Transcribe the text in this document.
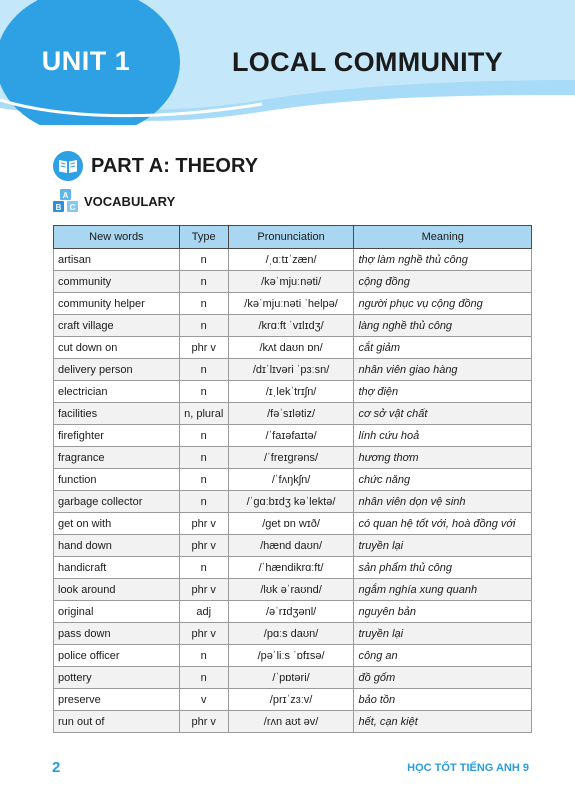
UNIT 1	LOCAL COMMUNITY
PART A: THEORY
A
B C VOCABULARY
New words	Type	Pronunciation	Meaning
artisan	n	/ˌɑːtɪˈzæn/	thợ làm nghề thủ công
community	n	/kəˈmjuːnəti/	cộng đồng
community helper	n	/kəˈmjuːnəti ˈhelpə/	người phục vụ cộng đồng
craft village	n	/krɑːft ˈvɪlɪdʒ/	làng nghề thủ công
cut down on	phr v	/kʌt daʊn ɒn/	cắt giảm
delivery person	n	/dɪˈlɪvəri ˈpɜːsn/	nhân viên giao hàng
electrician	n	/ɪˌlekˈtrɪʃn/	thợ điện
facilities	n, plural	/fəˈsɪlətiz/	cơ sở vật chất
firefighter	n	/ˈfaɪəfaɪtə/	lính cứu hoả
fragrance	n	/ˈfreɪɡrəns/	hương thơm
function	n	/ˈfʌŋkʃn/	chức năng
garbage collector	n	/ˈɡɑːbɪdʒ kəˈlektə/	nhân viên dọn vệ sinh
get on with	phr v	/ɡet ɒn wɪð/	có quan hệ tốt với, hoà đồng với
hand down	phr v	/hænd daʊn/	truyền lại
handicraft	n	/ˈhændikrɑːft/	sản phẩm thủ công
look around	phr v	/lʊk əˈraʊnd/	ngắm nghía xung quanh
original	adj	/əˈrɪdʒənl/	nguyên bản
pass down	phr v	/pɑːs daʊn/	truyền lại
police officer	n	/pəˈliːs ˈɒfɪsə/	công an
pottery	n	/ˈpɒtəri/	đồ gốm
preserve	v	/prɪˈzɜːv/	bảo tồn
run out of	phr v	/rʌn aʊt əv/	hết, cạn kiệt
2	HỌC TỐT TIẾNG ANH 9
